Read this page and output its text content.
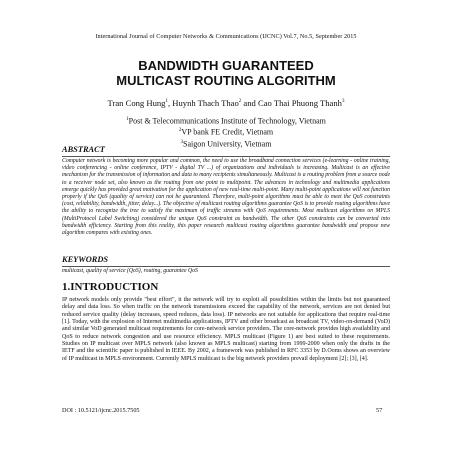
International Journal of Computer Networks & Communications (IJCNC) Vol.7, No.5, September 2015
BANDWIDTH GUARANTEED
MULTICAST ROUTING ALGORITHM
Tran Cong Hung$^1$, Huynh Thach Thao$^2$ and Cao Thai Phuong Thanh$^3$
$^1$Post & Telecommunications Institute of Technology, Vietnam
$^2$VP bank FE Credit, Vietnam
$^3$Saigon University, Vietnam
ABSTRACT

Computer network is becoming more popular and common, the need to use the broadband connection services (e-learning - online training, video conferencing - online conference, IPTV - digital TV ...) of organizations and individuals is increasing. Multicast is an effective mechanism for the transmission of information and data to many recipients simultaneously. Multicast is a routing problem from a source node to a receiver node set, also known as the routing from one point to multipoint. The advances in technology and multimedia applications emerge quickly has provided great motivation for the application of new real-time multi-point. Many multi-point applications will not function properly if the QoS (quality of service) can not be guaranteed. Therefore, multi-point algorithms must be able to meet the QoS constraints (cost, reliability, bandwidth, jitter, delay...). The objective of multicast routing algorithms guarantee QoS is to provide routing algorithms have the ability to recognize the tree to satisfy the maximum of traffic streams with QoS requirements. Most multicast algorithms on MPLS (MultiProtocol Label Switching) considered the unique QoS constraint as bandwidth. The other QoS constraints can be converted into bandwidth efficiency. Starting from this reality, this paper research multicast routing algorithms guarantee bandwidth and propose new algorithm compares with existing ones.

KEYWORDS

multicast, quality of service (QoS), routing, guarantee QoS

1.INTRODUCTION

IP network models only provide "best effort", it the network will try to exploit all possibilities within the limits but not guaranteed delay and data loss. So when traffic on the network transmissions exceed the capability of the network, services are not denied but reduced service quality (delay increases, speed reduces, data loss). IP networks are not suitable for applications that require real-time [1]. Today, with the explosion of Internet multimedia applications, IPTV and other broadcast as broadcast TV, video-on-demand (VoD) and similar VoD generated multicast requirements for core-network service providers. The core-network provides high availability and QoS to reduce network congestion and use resource efficiency. MPLS multicast (Figure 1) are best suited to these requirements. Studies on IP multicast over MPLS network (also known as MPLS multicast) starting from 1999-2000 when only the drafts in the IETF and the scientific paper is published in IEEE. By 2002, a framework was published in RFC 3353 by D.Ooms shows an overview of IP multicast in MPLS environment. Currently MPLS multicast is the big network providers prevail deployment [2]; [3], [4].

DOI : 10.5121/ijcnc.2015.7505	57
